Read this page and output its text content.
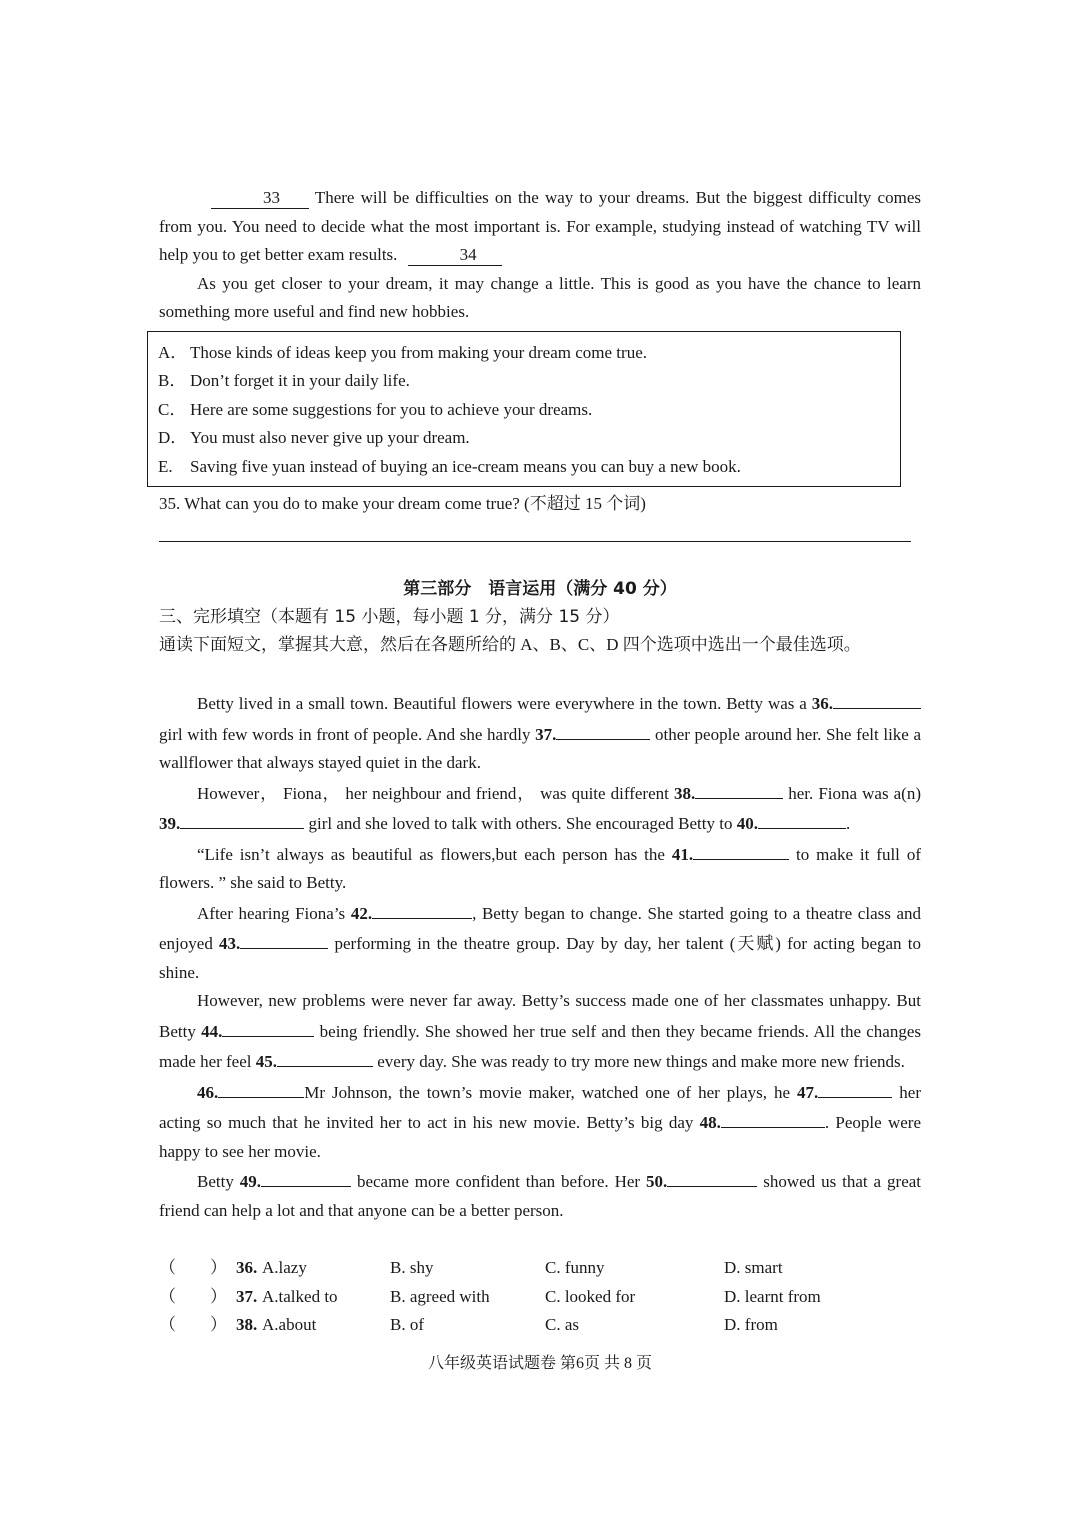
33 There will be difficulties on the way to your dreams. But the biggest difficulty comes from you. You need to decide what the most important is. For example, studying instead of watching TV will help you to get better exam results.	34

As you get closer to your dream, it may change a little. This is good as you have the chance to learn something more useful and find new hobbies.

A． Those kinds of ideas keep you from making your dream come true.
B． Don’t forget it in your daily life.
C． Here are some suggestions for you to achieve your dreams.
D． You must also never give up your dream.
E. Saving five yuan instead of buying an ice-cream means you can buy a new book.
35. What can you do to make your dream come true? (不超过 15 个词)
第三部分　语言运用（满分 40 分）
三、完形填空（本题有 15 小题，每小题 1 分，满分 15 分）
通读下面短文，掌握其大意，然后在各题所给的 A、B、C、D 四个选项中选出一个最佳选项。

Betty lived in a small town. Beautiful flowers were everywhere in the town. Betty was a 36. girl with few words in front of people. And she hardly 37.	other people around her. She felt like a wallflower that always stayed quiet in the dark.

However， Fiona， her neighbour and friend， was quite different 38.	her. Fiona was a(n) 39.	girl and she loved to talk with others. She encouraged Betty to 40.	.

“Life isn’t always as beautiful as flowers,but each person has the 41.	to make it full of flowers. ” she said to Betty.

After hearing Fiona’s 42.	, Betty began to change. She started going to a theatre class and enjoyed 43.	performing in the theatre group. Day by day, her talent (天赋) for acting began to shine.

However, new problems were never far away. Betty’s success made one of her classmates unhappy. But Betty 44.	being friendly. She showed her true self and then they became friends. All the changes made her feel 45.	every day. She was ready to try more new things and make more new friends.

46.	Mr Johnson, the town’s movie maker, watched one of her plays, he 47.	her acting so much that he invited her to act in his new movie. Betty’s big day 48.	. People were happy to see her movie.

Betty 49.	became more confident than before. Her 50.	showed us that a great friend can help a lot and that anyone can be a better person.

（　　） 36. A.lazy	B. shy	C. funny	D. smart
（　　） 37. A.talked to	B. agreed with	C. looked for	D. learnt from
（　　） 38. A.about	B. of	C. as	D. from
八年级英语试题卷 第6页 共 8 页
